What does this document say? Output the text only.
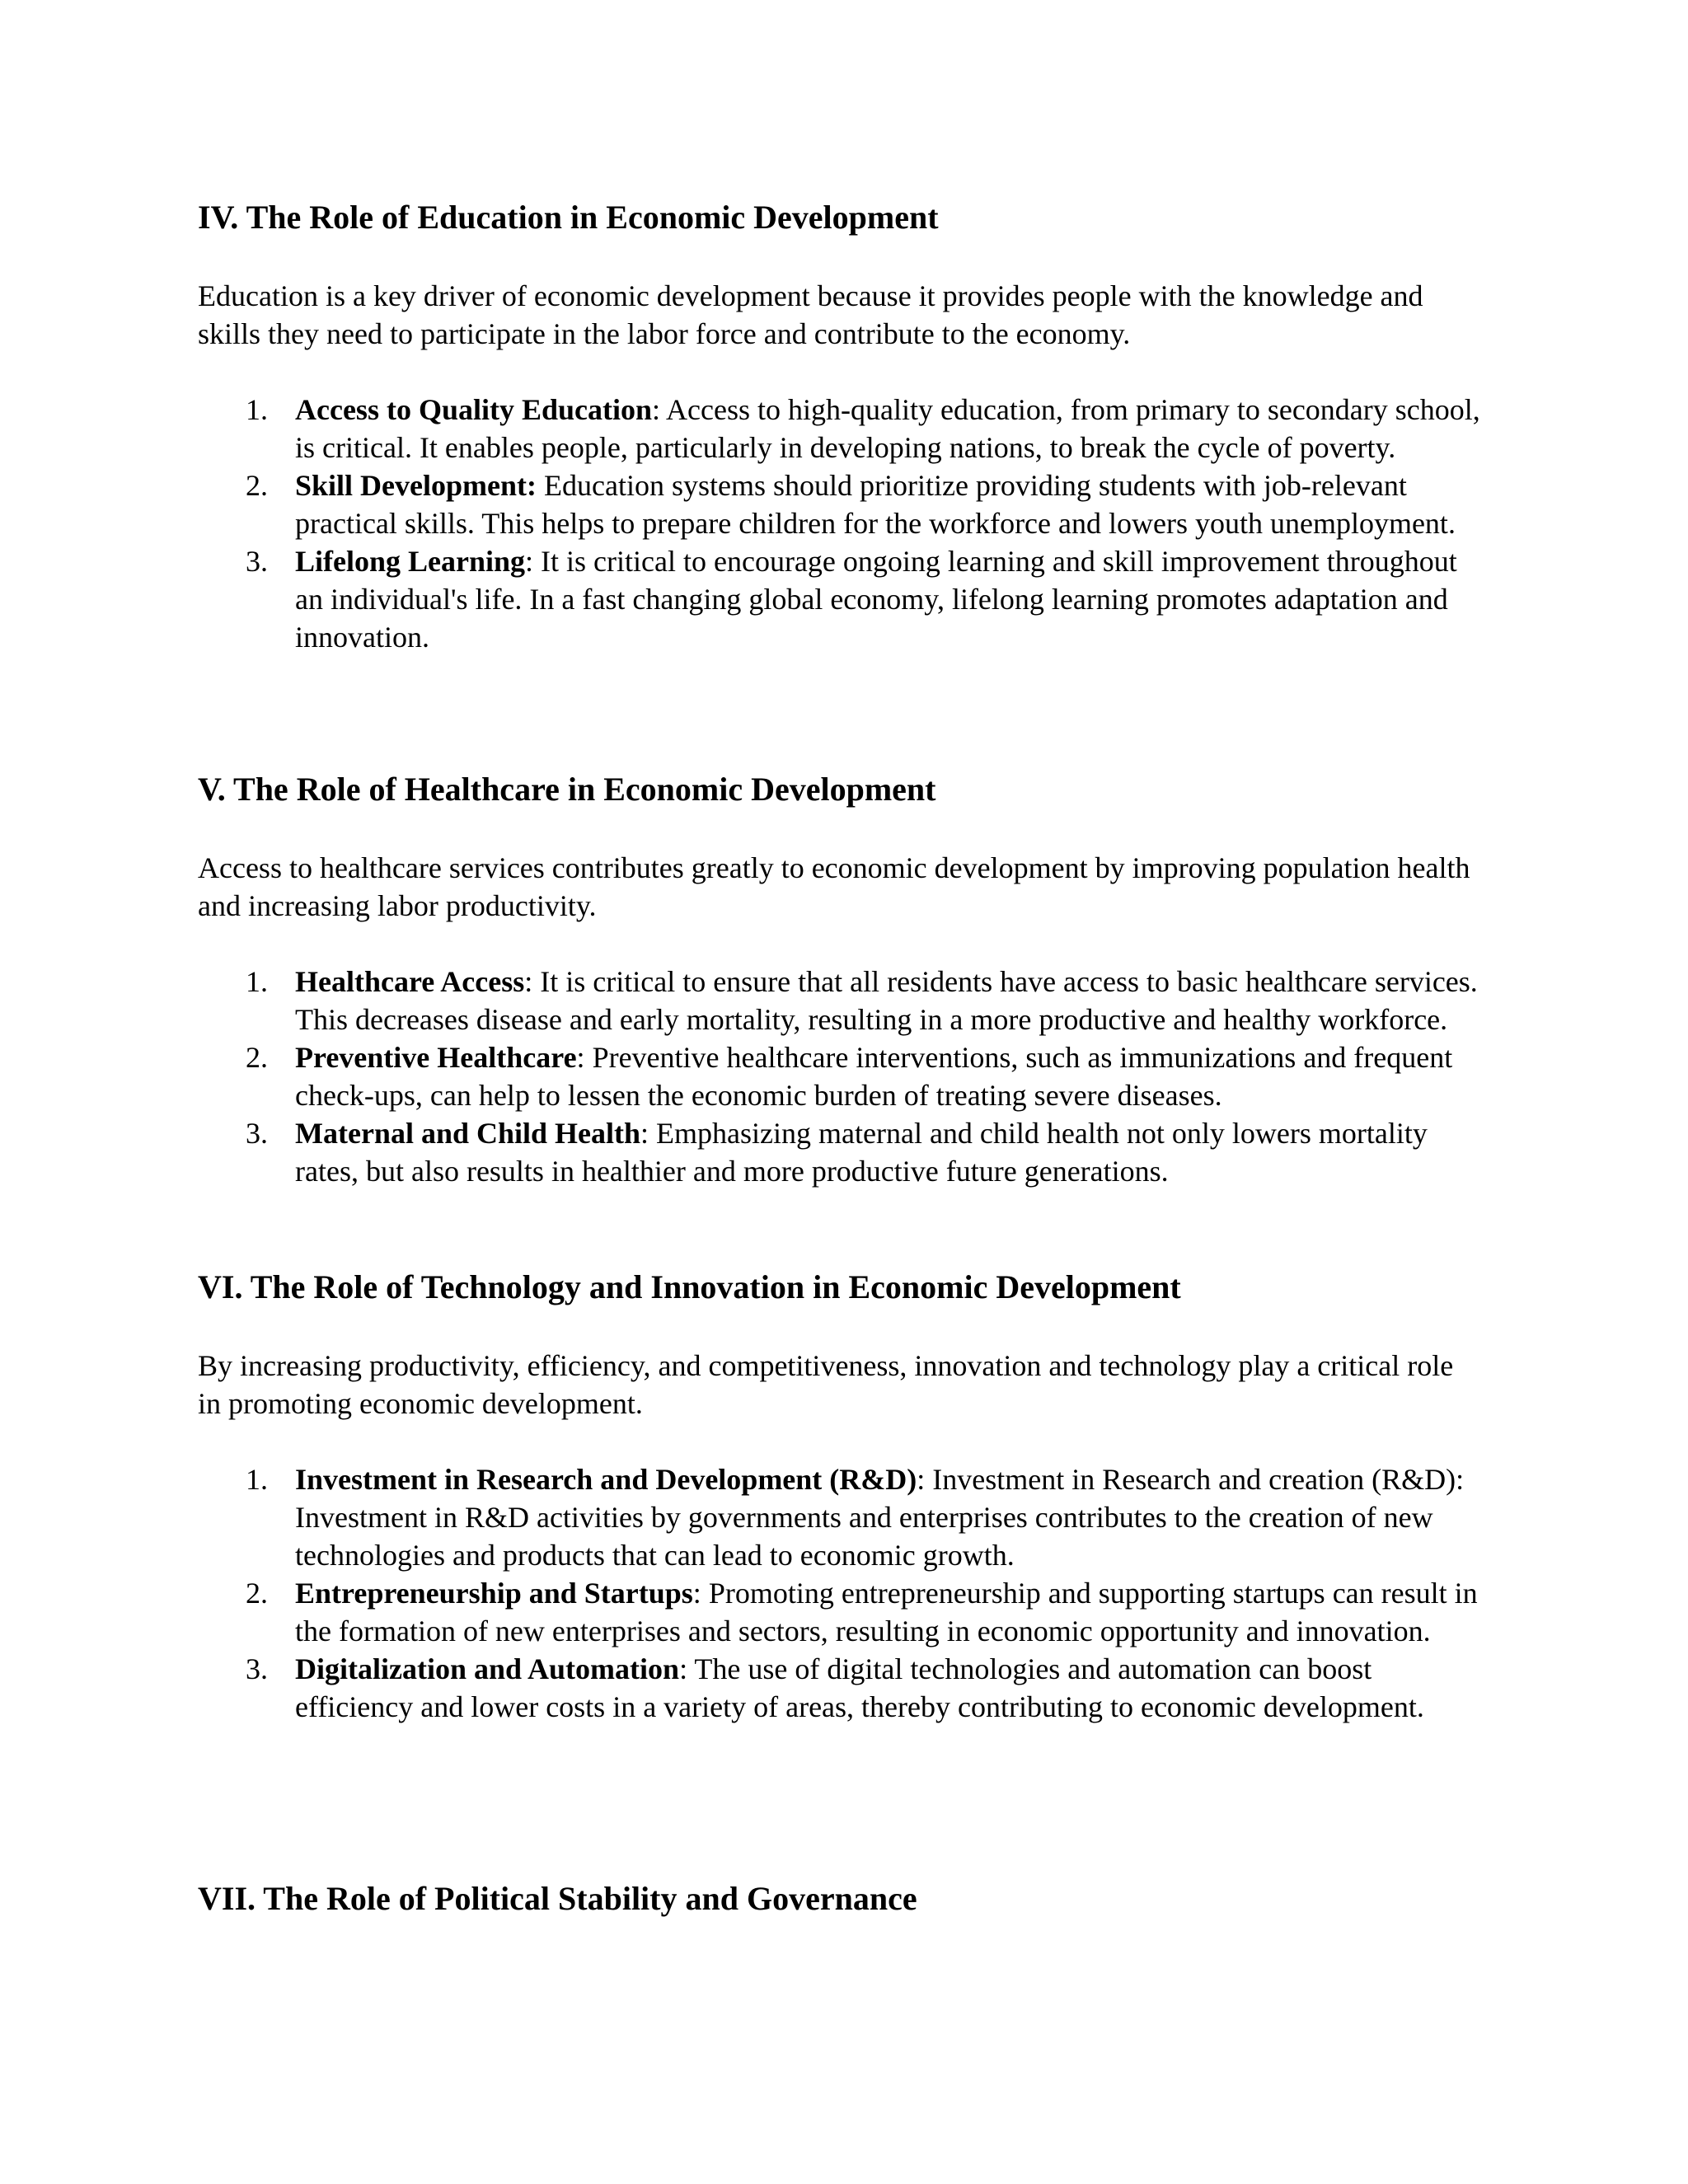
IV. The Role of Education in Economic Development

Education is a key driver of economic development because it provides people with the knowledge and skills they need to participate in the labor force and contribute to the economy.

1. Access to Quality Education: Access to high-quality education, from primary to secondary school, is critical. It enables people, particularly in developing nations, to break the cycle of poverty.
2. Skill Development: Education systems should prioritize providing students with job-relevant practical skills. This helps to prepare children for the workforce and lowers youth unemployment.
3. Lifelong Learning: It is critical to encourage ongoing learning and skill improvement throughout an individual's life. In a fast changing global economy, lifelong learning promotes adaptation and innovation.
V. The Role of Healthcare in Economic Development

Access to healthcare services contributes greatly to economic development by improving population health and increasing labor productivity.

1. Healthcare Access: It is critical to ensure that all residents have access to basic healthcare services. This decreases disease and early mortality, resulting in a more productive and healthy workforce.
2. Preventive Healthcare: Preventive healthcare interventions, such as immunizations and frequent check-ups, can help to lessen the economic burden of treating severe diseases.
3. Maternal and Child Health: Emphasizing maternal and child health not only lowers mortality rates, but also results in healthier and more productive future generations.
VI. The Role of Technology and Innovation in Economic Development

By increasing productivity, efficiency, and competitiveness, innovation and technology play a critical role in promoting economic development.

1. Investment in Research and Development (R&D): Investment in Research and creation (R&D): Investment in R&D activities by governments and enterprises contributes to the creation of new technologies and products that can lead to economic growth.
2. Entrepreneurship and Startups: Promoting entrepreneurship and supporting startups can result in the formation of new enterprises and sectors, resulting in economic opportunity and innovation.
3. Digitalization and Automation: The use of digital technologies and automation can boost efficiency and lower costs in a variety of areas, thereby contributing to economic development.
VII. The Role of Political Stability and Governance
